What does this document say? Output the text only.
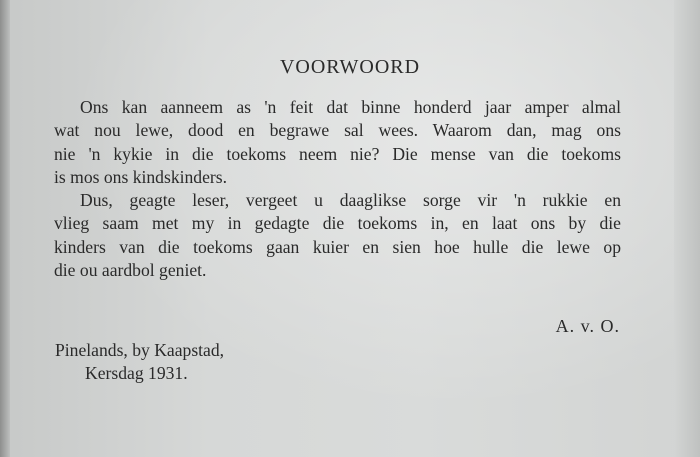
VOORWOORD
Ons kan aanneem as 'n feit dat binne honderd jaar amper almal
wat nou lewe, dood en begrawe sal wees. Waarom dan, mag ons
nie 'n kykie in die toekoms neem nie? Die mense van die toekoms
is mos ons kindskinders.
Dus, geagte leser, vergeet u daaglikse sorge vir 'n rukkie en
vlieg saam met my in gedagte die toekoms in, en laat ons by die
kinders van die toekoms gaan kuier en sien hoe hulle die lewe op
die ou aardbol geniet.
A. v. O.
Pinelands, by Kaapstad,
Kersdag 1931.
